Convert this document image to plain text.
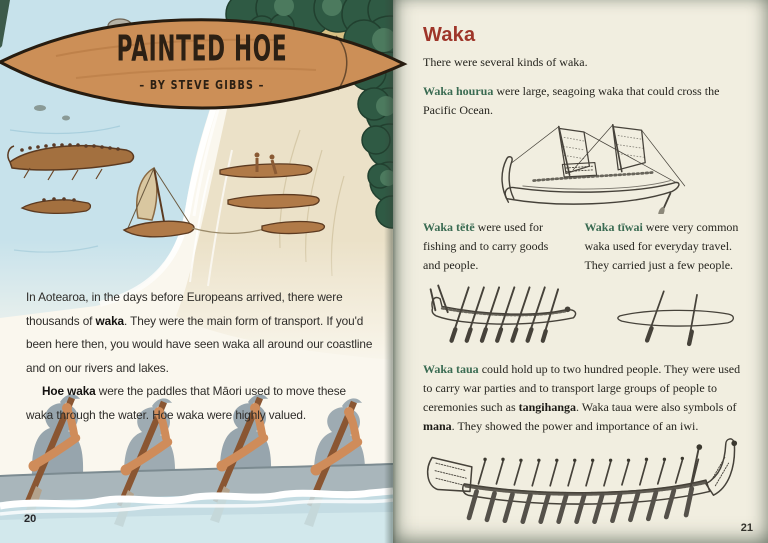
In Aotearoa, in the days before Europeans arrived, there were thousands of waka. They were the main form of transport. If you'd been here then, you would have seen waka all around our coastline and on our rivers and lakes.

Hoe waka were the paddles that Māori used to move these waka through the water. Hoe waka were highly valued.

20
Waka

There were several kinds of waka.

Waka hourua were large, seagoing waka that could cross the Pacific Ocean.

Waka tētē were used for fishing and to carry goods and people.

Waka tīwai were very common waka used for everyday travel. They carried just a few people.

Waka taua could hold up to two hundred people. They were used to carry war parties and to transport large groups of people to ceremonies such as tangihanga. Waka taua were also symbols of mana. They showed the power and importance of an iwi.

21
PAINTED HOE
– BY STEVE GIBBS –
